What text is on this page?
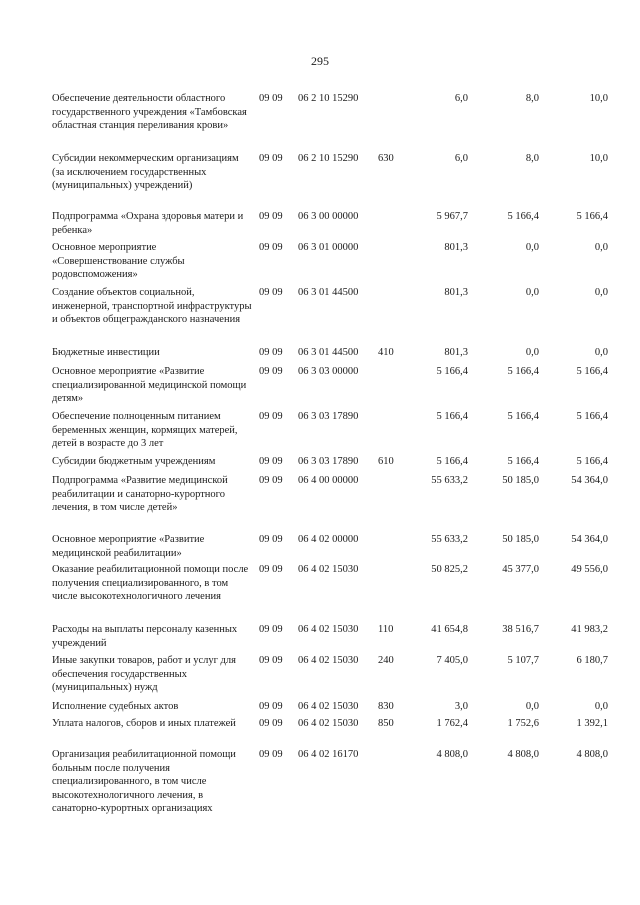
295
Обеспечение деятельности областного государственного учреждения «Тамбовская областная станция переливания крови»
09 09 06 2 10 15290	6,0	8,0	10,0
Субсидии некоммерческим организациям (за исключением государственных (муниципальных) учреждений)
09 09 06 2 10 15290 630	6,0	8,0	10,0
Подпрограмма «Охрана здоровья матери и ребенка»
09 09 06 3 00 00000	5 967,7	5 166,4	5 166,4
Основное мероприятие «Совершенствование службы родовспоможения»
09 09 06 3 01 00000	801,3	0,0	0,0
Создание объектов социальной, инженерной, транспортной инфраструктуры и объектов общегражданского назначения
09 09 06 3 01 44500	801,3	0,0	0,0
Бюджетные инвестиции	09 09 06 3 01 44500 410	801,3	0,0	0,0
Основное мероприятие «Развитие специализированной медицинской помощи детям»
09 09 06 3 03 00000	5 166,4	5 166,4	5 166,4
Обеспечение полноценным питанием беременных женщин, кормящих матерей, детей в возрасте до 3 лет
09 09 06 3 03 17890	5 166,4	5 166,4	5 166,4
Субсидии бюджетным учреждениям	09 09 06 3 03 17890 610	5 166,4	5 166,4	5 166,4
Подпрограмма «Развитие медицинской реабилитации и санаторно-курортного лечения, в том числе детей»
09 09 06 4 00 00000	55 633,2	50 185,0	54 364,0
Основное мероприятие «Развитие медицинской реабилитации»
09 09 06 4 02 00000	55 633,2	50 185,0	54 364,0
Оказание реабилитационной помощи после получения специализированного, в том числе высокотехнологичного лечения
09 09 06 4 02 15030	50 825,2	45 377,0	49 556,0
Расходы на выплаты персоналу казенных учреждений
09 09 06 4 02 15030 110	41 654,8	38 516,7	41 983,2
Иные закупки товаров, работ и услуг для обеспечения государственных (муниципальных) нужд
09 09 06 4 02 15030 240	7 405,0	5 107,7	6 180,7
Исполнение судебных актов	09 09 06 4 02 15030 830	3,0	0,0	0,0
Уплата налогов, сборов и иных платежей	09 09 06 4 02 15030 850	1 762,4	1 752,6	1 392,1
Организация реабилитационной помощи больным после получения специализированного, в том числе высокотехнологичного лечения, в санаторно-курортных организациях
09 09 06 4 02 16170	4 808,0	4 808,0	4 808,0
